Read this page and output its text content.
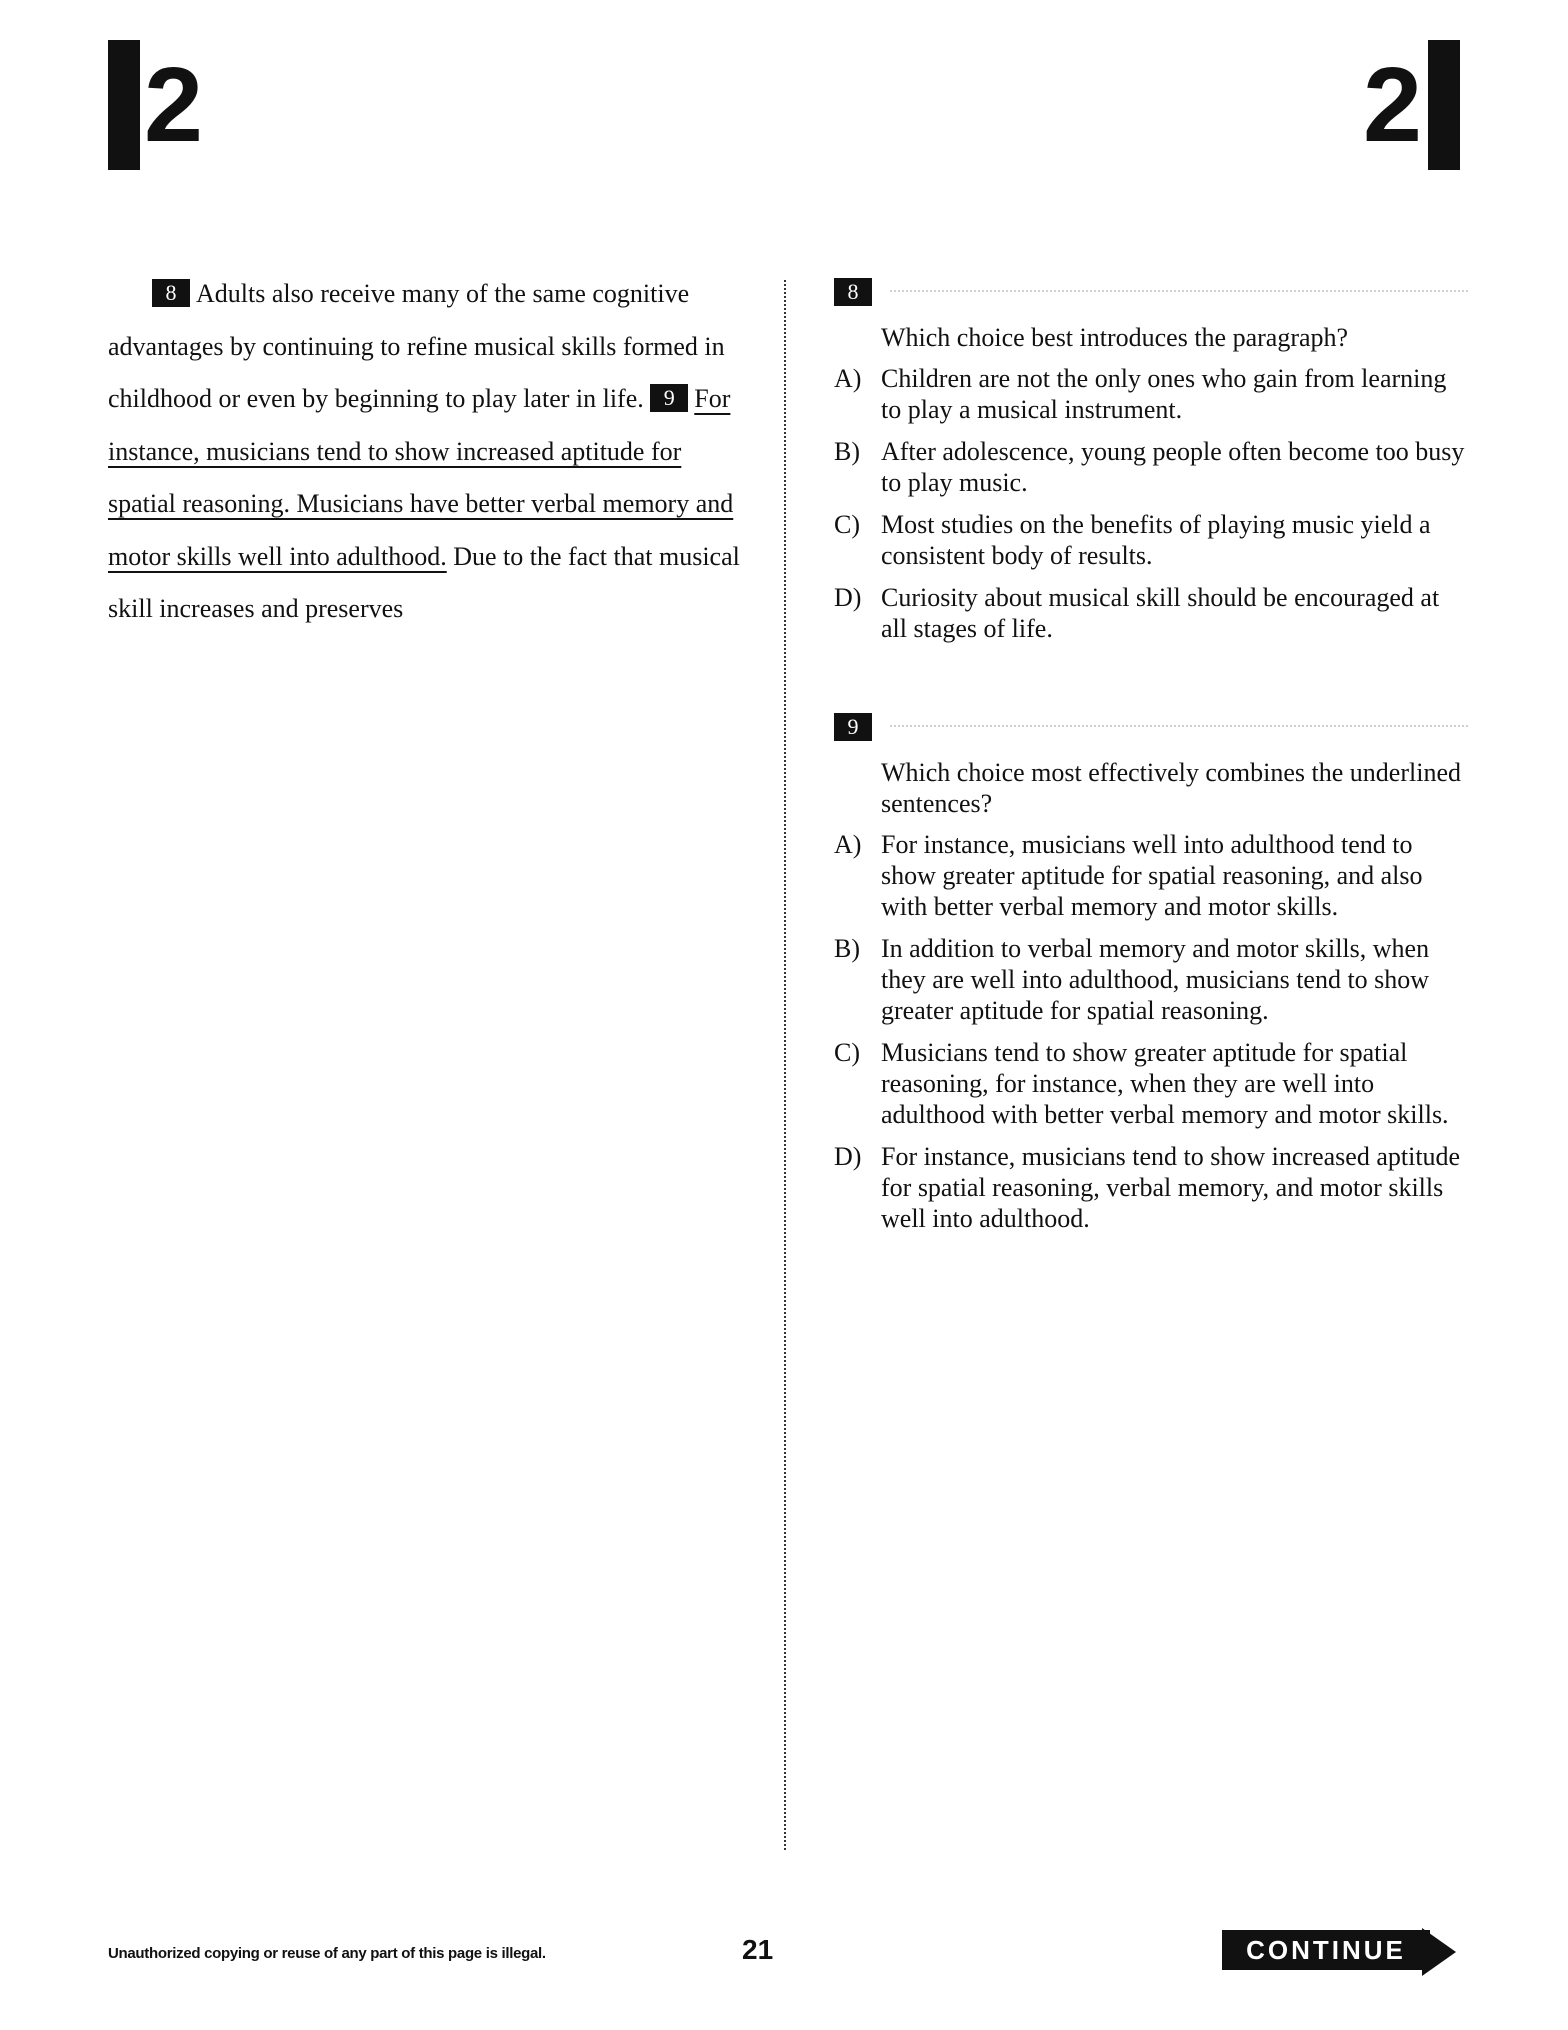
2	2

8 Adults also receive many of the same cognitive advantages by continuing to refine musical skills formed in childhood or even by beginning to play later in life. 9 For instance, musicians tend to show increased aptitude for spatial reasoning. Musicians have better verbal memory and motor skills well into adulthood. Due to the fact that musical skill increases and preserves

8
Which choice best introduces the paragraph?
A) Children are not the only ones who gain from learning to play a musical instrument.
B) After adolescence, young people often become too busy to play music.
C) Most studies on the benefits of playing music yield a consistent body of results.
D) Curiosity about musical skill should be encouraged at all stages of life.
9
Which choice most effectively combines the underlined sentences?
A) For instance, musicians well into adulthood tend to show greater aptitude for spatial reasoning, and also with better verbal memory and motor skills.
B) In addition to verbal memory and motor skills, when they are well into adulthood, musicians tend to show greater aptitude for spatial reasoning.
C) Musicians tend to show greater aptitude for spatial reasoning, for instance, when they are well into adulthood with better verbal memory and motor skills.
D) For instance, musicians tend to show increased aptitude for spatial reasoning, verbal memory, and motor skills well into adulthood.
Unauthorized copying or reuse of any part of this page is illegal.	21	CONTINUE
